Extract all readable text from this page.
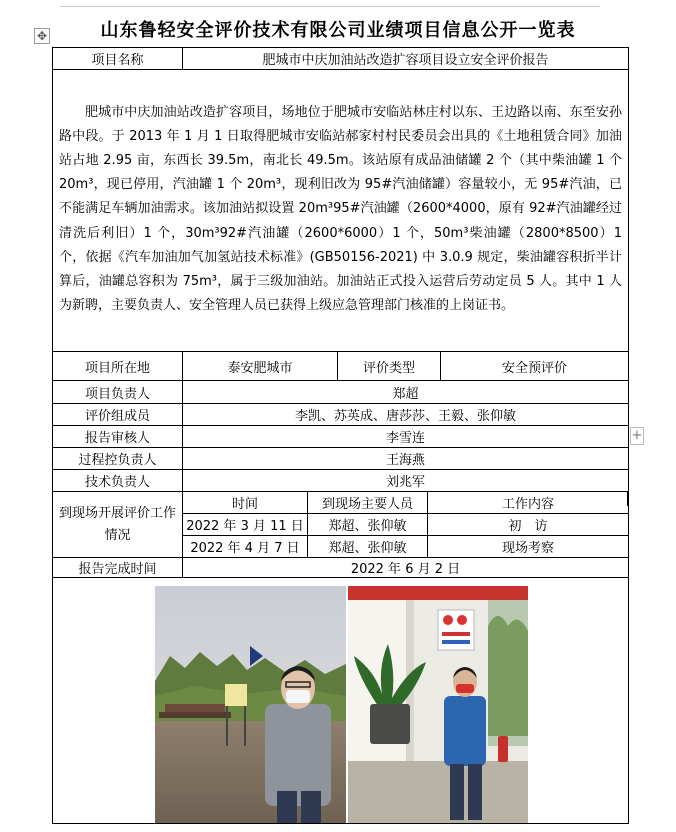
✥	山东鲁轻安全评价技术有限公司业绩项目信息公开一览表
项目名称	肥城市中庆加油站改造扩容项目设立安全评价报告				
肥城市中庆加油站改造扩容项目，场地位于肥城市安临站林庄村以东、王边路以南、东至安孙路中段。于 2013 年 1 月 1 日取得肥城市安临站郝家村村民委员会出具的《土地租赁合同》加油站占地 2.95 亩，东西长 39.5m，南北长 49.5m。该站原有成品油储罐 2 个（其中柴油罐 1 个 20m³，现已停用，汽油罐 1 个 20m³，现利旧改为 95#汽油储罐）容量较小，无 95#汽油，已不能满足车辆加油需求。该加油站拟设置 20m³95#汽油罐（2600*4000，原有 92#汽油罐经过清洗后利旧）1 个，30m³92#汽油罐（2600*6000）1 个，50m³柴油罐（2800*8500）1 个，依据《汽车加油加气加氢站技术标准》(GB50156-2021) 中 3.0.9 规定，柴油罐容积折半计算后，油罐总容积为 75m³，属于三级加油站。加油站正式投入运营后劳动定员 5 人。其中 1 人为新聘，主要负责人、安全管理人员已获得上级应急管理部门核准的上岗证书。					
项目所在地	泰安肥城市		评价类型		安全预评价
项目负责人	郑超				
评价组成员	李凯、苏英成、唐莎莎、王毅、张仰敏				
报告审核人	李雪连				
过程控负责人	王海燕				
技术负责人	刘兆军				
到现场开展评价工作情况	时间	到现场主要人员		工作内容	
	2022 年 3 月 11 日	郑超、张仰敏		初　访	
	2022 年 4 月 7 日	郑超、张仰敏		现场考察	
报告完成时间	2022 年 6 月 2 日				

+
